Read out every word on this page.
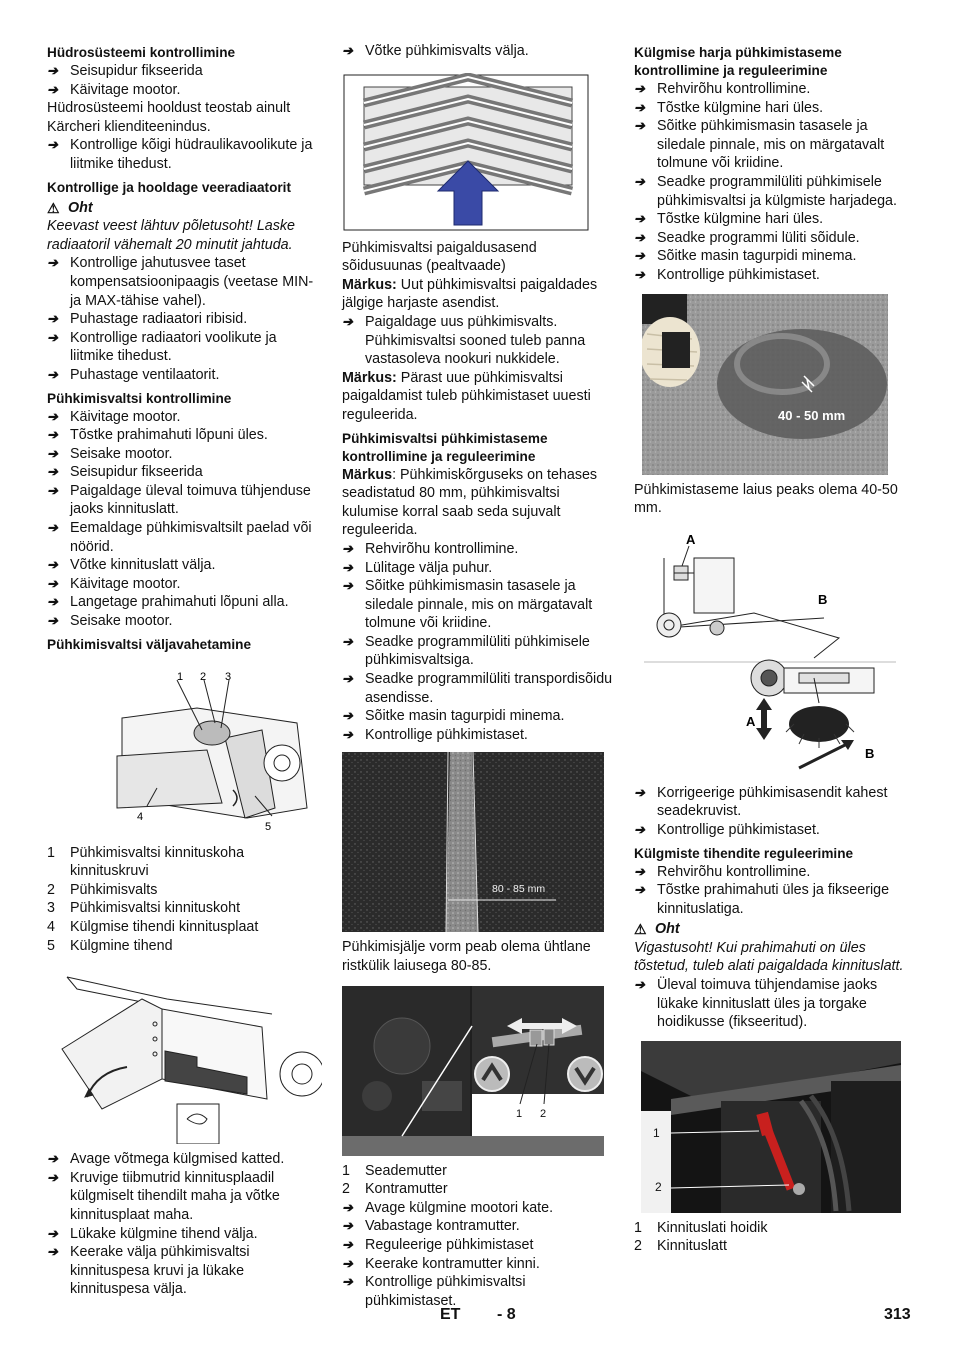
Hüdrosüsteemi kontrollimine
➔
Seisupidur fikseerida
➔
Käivitage mootor.
Hüdrosüsteemi hooldust teostab ainult Kärcheri klienditeenindus.
➔
Kontrollige kõigi hüdraulikavoolikute ja liitmike tihedust.
Kontrollige ja hooldage veeradiaatorit
⚠ Oht
Keevast veest lähtuv põletusoht! Laske radiaatoril vähemalt 20 minutit jahtuda.
➔
Kontrollige jahutusvee taset kompensatsioonipaagis (veetase MIN- ja MAX-tähise vahel).
➔
Puhastage radiaatori ribisid.
➔
Kontrollige radiaatori voolikute ja liitmike tihedust.
➔
Puhastage ventilaatorit.
Pühkimisvaltsi kontrollimine
➔
Käivitage mootor.
➔
Tõstke prahimahuti lõpuni üles.
➔
Seisake mootor.
➔
Seisupidur fikseerida
➔
Paigaldage üleval toimuva tühjenduse jaoks kinnituslatt.
➔
Eemaldage pühkimisvaltsilt paelad või nöörid.
➔
Võtke kinnituslatt välja.
➔
Käivitage mootor.
➔
Langetage prahimahuti lõpuni alla.
➔
Seisake mootor.
Pühkimisvaltsi väljavahetamine
1 2 3
4
5
1	Pühkimisvaltsi kinnituskoha kinnituskruvi
2	Pühkimisvalts
3	Pühkimisvaltsi kinnituskoht
4	Külgmise tihendi kinnitusplaat
5	Külgmine tihend
➔
Avage võtmega külgmised katted.
➔
Kruvige tiibmutrid kinnitusplaadil külgmiselt tihendilt maha ja võtke kinnitusplaat maha.
➔
Lükake külgmine tihend välja.
➔
Keerake välja pühkimisvaltsi kinnituspesa kruvi ja lükake kinnituspesa välja.
➔
Võtke pühkimisvalts välja.
Pühkimisvaltsi paigaldusasend sõidusuunas (pealtvaade)
Märkus: Uut pühkimisvaltsi paigaldades jälgige harjaste asendist.
➔
Paigaldage uus pühkimisvalts. Pühkimisvaltsi sooned tuleb panna vastasoleva nookuri nukkidele.
Märkus: Pärast uue pühkimisvaltsi paigaldamist tuleb pühkimistaset uuesti reguleerida.
Pühkimisvaltsi pühkimistaseme kontrollimine ja reguleerimine
Märkus: Pühkimiskõrguseks on tehases seadistatud 80 mm, pühkimisvaltsi kulumise korral saab seda sujuvalt reguleerida.
➔
Rehvirõhu kontrollimine.
➔
Lülitage välja puhur.
➔
Sõitke pühkimismasin tasasele ja siledale pinnale, mis on märgatavalt tolmune või kriidine.
➔
Seadke programmilüliti pühkimisele pühkimisvaltsiga.
➔
Seadke programmilüliti transpordisõidu asendisse.
➔
Sõitke masin tagurpidi minema.
➔
Kontrollige pühkimistaset.
80 - 85 mm
Pühkimisjälje vorm peab olema ühtlane ristkülik laiusega 80-85.
1 2
1	Seademutter
2	Kontramutter
➔
Avage külgmine mootori kate.
➔
Vabastage kontramutter.
➔
Reguleerige pühkimistaset
➔
Keerake kontramutter kinni.
➔
Kontrollige pühkimisvaltsi pühkimistaset.
Külgmise harja pühkimistaseme kontrollimine ja reguleerimine
➔
Rehvirõhu kontrollimine.
➔
Tõstke külgmine hari üles.
➔
Sõitke pühkimismasin tasasele ja siledale pinnale, mis on märgatavalt tolmune või kriidine.
➔
Seadke programmilüliti pühkimisele pühkimisvaltsi ja külgmiste harjadega.
➔
Tõstke külgmine hari üles.
➔
Seadke programmi lüliti sõidule.
➔
Sõitke masin tagurpidi minema.
➔
Kontrollige pühkimistaset.
40 - 50 mm
Pühkimistaseme laius peaks olema 40-50 mm.
A
B
A
B
➔
Korrigeerige pühkimisasendit kahest seadekruvist.
➔
Kontrollige pühkimistaset.
Külgmiste tihendite reguleerimine
➔
Rehvirõhu kontrollimine.
➔
Tõstke prahimahuti üles ja fikseerige kinnituslatiga.
⚠ Oht
Vigastusoht! Kui prahimahuti on üles tõstetud, tuleb alati paigaldada kinnituslatt.
➔
Üleval toimuva tühjendamise jaoks lükake kinnituslatt üles ja torgake hoidikusse (fikseeritud).
1
2
1	Kinnituslati hoidik
2	Kinnituslatt
ET - 8	313
